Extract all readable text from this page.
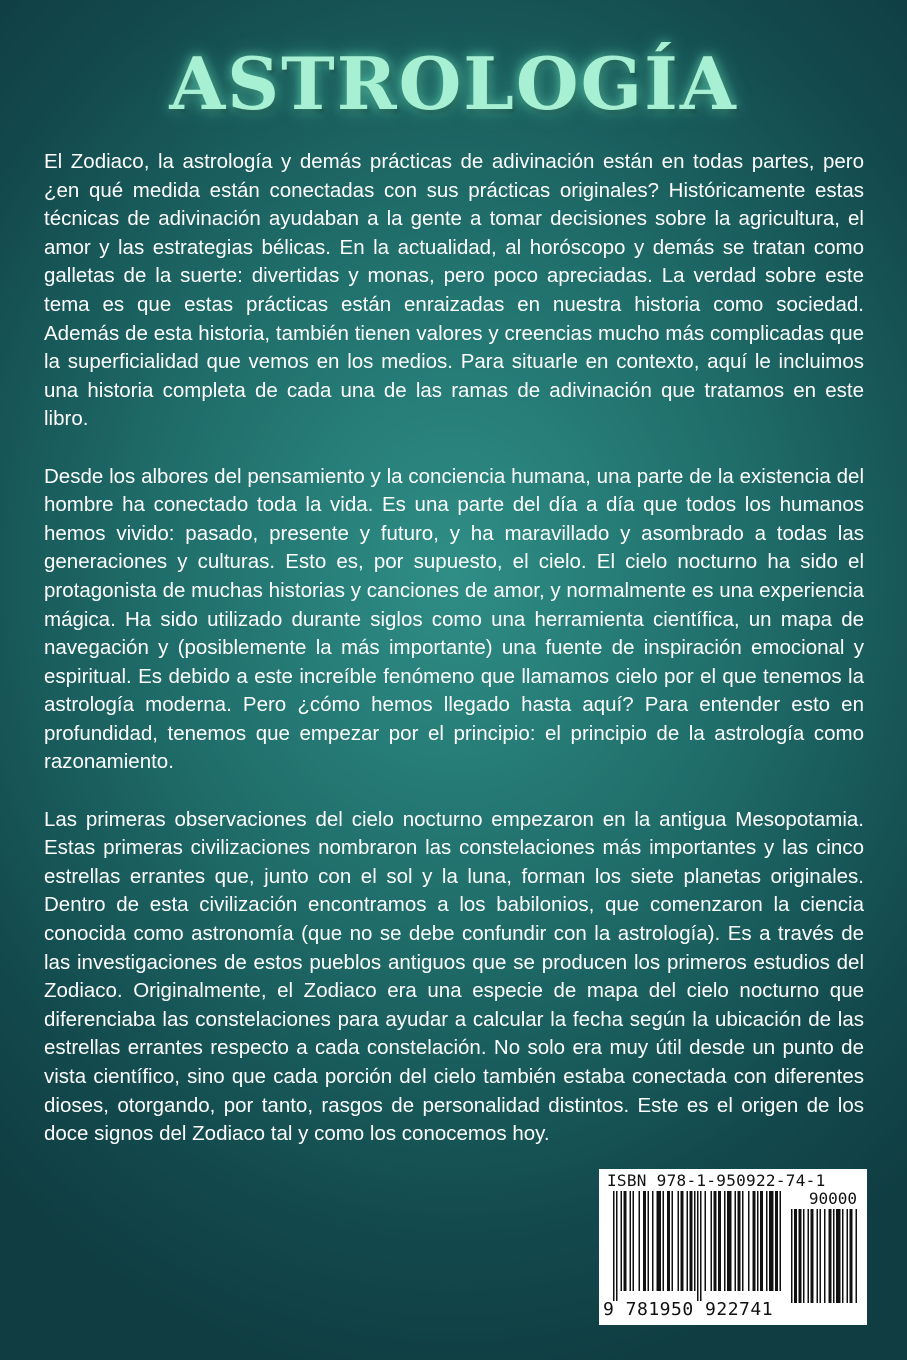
ASTROLOGÍA

El Zodiaco, la astrología y demás prácticas de adivinación están en todas partes, pero ¿en qué medida están conectadas con sus prácticas originales? Históricamente estas técnicas de adivinación ayudaban a la gente a tomar decisiones sobre la agricultura, el amor y las estrategias bélicas. En la actualidad, al horóscopo y demás se tratan como galletas de la suerte: divertidas y monas, pero poco apreciadas. La verdad sobre este tema es que estas prácticas están enraizadas en nuestra historia como sociedad. Además de esta historia, también tienen valores y creencias mucho más complicadas que la superficialidad que vemos en los medios. Para situarle en contexto, aquí le incluimos una historia completa de cada una de las ramas de adivinación que tratamos en este libro.

Desde los albores del pensamiento y la conciencia humana, una parte de la existencia del hombre ha conectado toda la vida. Es una parte del día a día que todos los humanos hemos vivido: pasado, presente y futuro, y ha maravillado y asombrado a todas las generaciones y culturas. Esto es, por supuesto, el cielo. El cielo nocturno ha sido el protagonista de muchas historias y canciones de amor, y normalmente es una experiencia mágica. Ha sido utilizado durante siglos como una herramienta científica, un mapa de navegación y (posiblemente la más importante) una fuente de inspiración emocional y espiritual. Es debido a este increíble fenómeno que llamamos cielo por el que tenemos la astrología moderna. Pero ¿cómo hemos llegado hasta aquí? Para entender esto en profundidad, tenemos que empezar por el principio: el principio de la astrología como razonamiento.

Las primeras observaciones del cielo nocturno empezaron en la antigua Mesopotamia. Estas primeras civilizaciones nombraron las constelaciones más importantes y las cinco estrellas errantes que, junto con el sol y la luna, forman los siete planetas originales. Dentro de esta civilización encontramos a los babilonios, que comenzaron la ciencia conocida como astronomía (que no se debe confundir con la astrología). Es a través de las investigaciones de estos pueblos antiguos que se producen los primeros estudios del Zodiaco. Originalmente, el Zodiaco era una especie de mapa del cielo nocturno que diferenciaba las constelaciones para ayudar a calcular la fecha según la ubicación de las estrellas errantes respecto a cada constelación. No solo era muy útil desde un punto de vista científico, sino que cada porción del cielo también estaba conectada con diferentes dioses, otorgando, por tanto, rasgos de personalidad distintos. Este es el origen de los doce signos del Zodiaco tal y como los conocemos hoy.

ISBN 978-1-950922-74-1
90000
9 781950 922741
